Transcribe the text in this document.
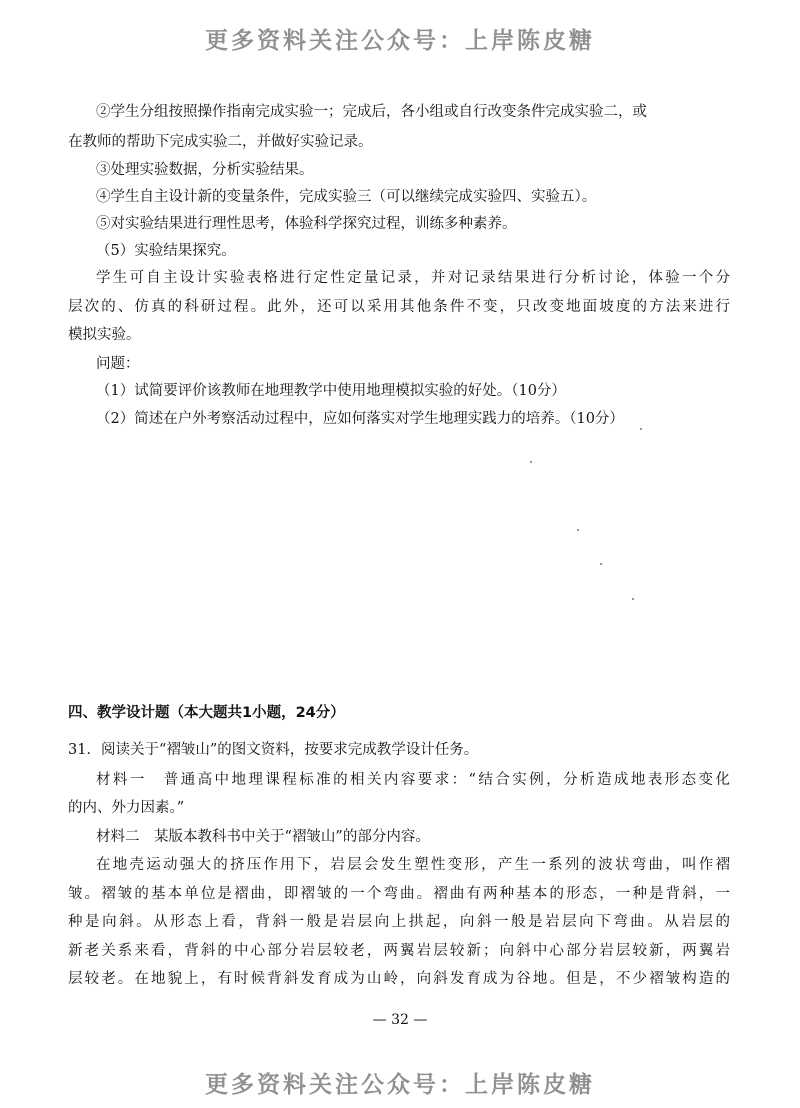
更多资料关注公众号：上岸陈皮糖
②学生分组按照操作指南完成实验一；完成后，各小组或自行改变条件完成实验二，或
在教师的帮助下完成实验二，并做好实验记录。
③处理实验数据，分析实验结果。
④学生自主设计新的变量条件，完成实验三（可以继续完成实验四、实验五）。
⑤对实验结果进行理性思考，体验科学探究过程，训练多种素养。
（5）实验结果探究。
学生可自主设计实验表格进行定性定量记录，并对记录结果进行分析讨论，体验一个分
层次的、仿真的科研过程。此外，还可以采用其他条件不变，只改变地面坡度的方法来进行
模拟实验。
问题：
（1）试简要评价该教师在地理教学中使用地理模拟实验的好处。（10分）
（2）简述在户外考察活动过程中，应如何落实对学生地理实践力的培养。（10分）
四、教学设计题（本大题共1小题，24分）
31．阅读关于“褶皱山”的图文资料，按要求完成教学设计任务。
材料一　普通高中地理课程标准的相关内容要求：“结合实例，分析造成地表形态变化
的内、外力因素。”
材料二　某版本教科书中关于“褶皱山”的部分内容。
在地壳运动强大的挤压作用下，岩层会发生塑性变形，产生一系列的波状弯曲，叫作褶
皱。褶皱的基本单位是褶曲，即褶皱的一个弯曲。褶曲有两种基本的形态，一种是背斜，一
种是向斜。从形态上看，背斜一般是岩层向上拱起，向斜一般是岩层向下弯曲。从岩层的
新老关系来看，背斜的中心部分岩层较老，两翼岩层较新；向斜中心部分岩层较新，两翼岩
层较老。在地貌上，有时候背斜发育成为山岭，向斜发育成为谷地。但是，不少褶皱构造的
— 32 —
更多资料关注公众号：上岸陈皮糖
